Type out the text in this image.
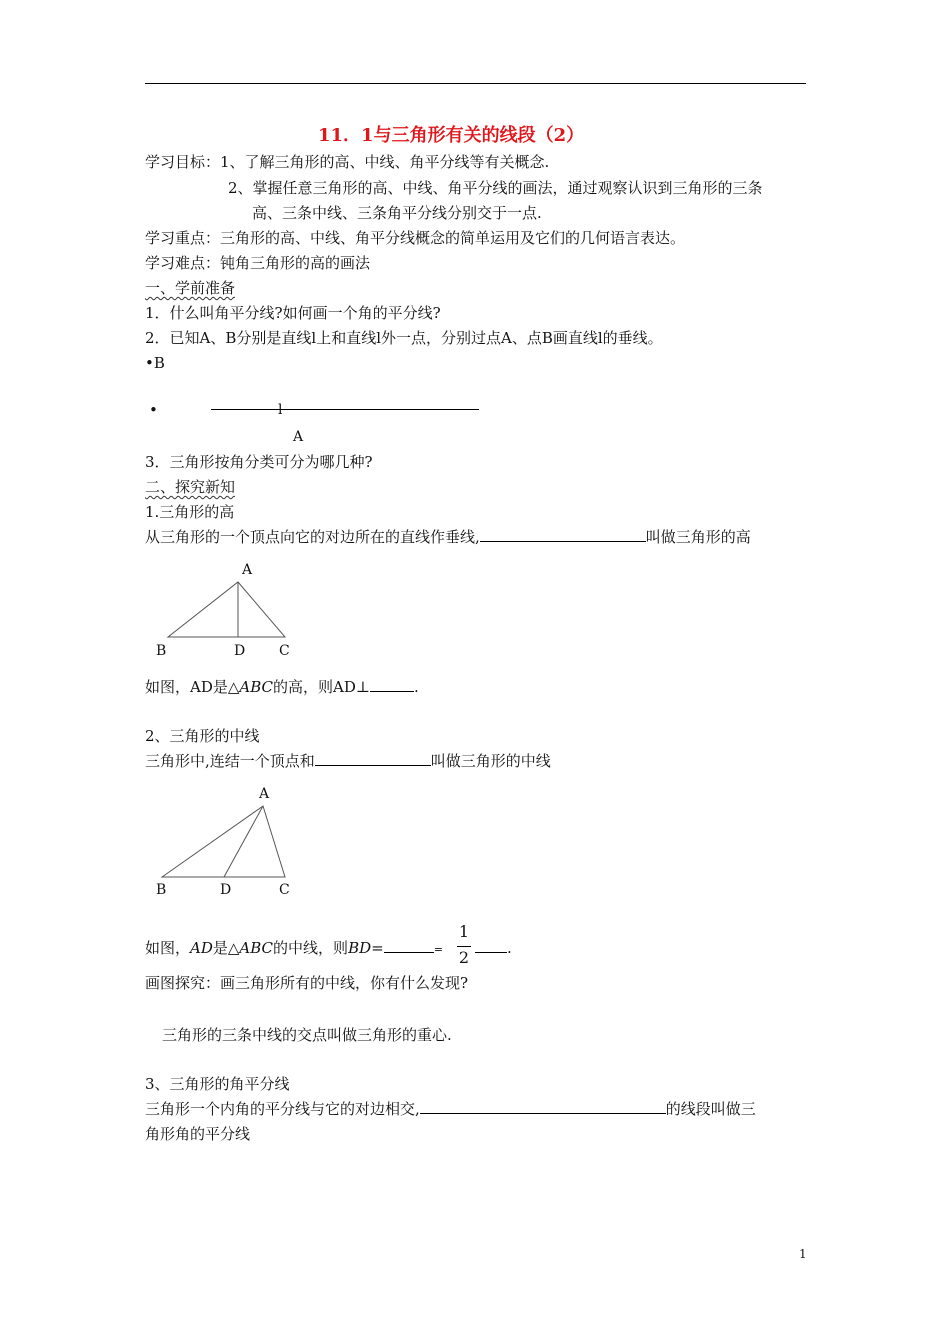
11．1与三角形有关的线段（2）
学习目标：1、了解三角形的高、中线、角平分线等有关概念.
2、掌握任意三角形的高、中线、角平分线的画法，通过观察认识到三角形的三条
高、三条中线、三条角平分线分别交于一点.
学习重点：三角形的高、中线、角平分线概念的简单运用及它们的几何语言表达。
学习难点：钝角三角形的高的画法
一、学前准备
1．什么叫角平分线?如何画一个角的平分线?
2．已知A、B分别是直线l上和直线l外一点，分别过点A、点B画直线l的垂线。
•B
•	l
A
3．三角形按角分类可分为哪几种?
二、探究新知
1.三角形的高
从三角形的一个顶点向它的对边所在的直线作垂线,	叫做三角形的高
A
B	D C
如图，AD是△ABC的高，则AD⊥	.
2、三角形的中线
三角形中,连结一个顶点和	叫做三角形的中线
A
B	D	C
如图，AD是△ABC的中线，则BD=	=
1
2	.
画图探究：画三角形所有的中线，你有什么发现?
三角形的三条中线的交点叫做三角形的重心.
3、三角形的角平分线
三角形一个内角的平分线与它的对边相交,	的线段叫做三
角形角的平分线
1
